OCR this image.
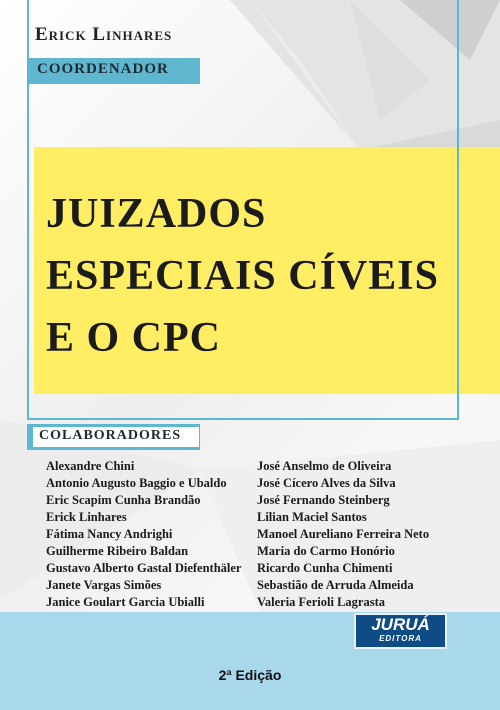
Erick Linhares
COORDENADOR
JUIZADOS
ESPECIAIS CÍVEIS
E O CPC
COLABORADORES
Alexandre Chini
Antonio Augusto Baggio e Ubaldo
Eric Scapim Cunha Brandão
Erick Linhares
Fátima Nancy Andrighi
Guilherme Ribeiro Baldan
Gustavo Alberto Gastal Diefenthäler
Janete Vargas Simões
Janice Goulart Garcia Ubialli
José Anselmo de Oliveira
José Cícero Alves da Silva
José Fernando Steinberg
Lilian Maciel Santos
Manoel Aureliano Ferreira Neto
Maria do Carmo Honório
Ricardo Cunha Chimenti
Sebastião de Arruda Almeida
Valeria Ferioli Lagrasta
2ª Edição
JURUÁ
EDITORA
